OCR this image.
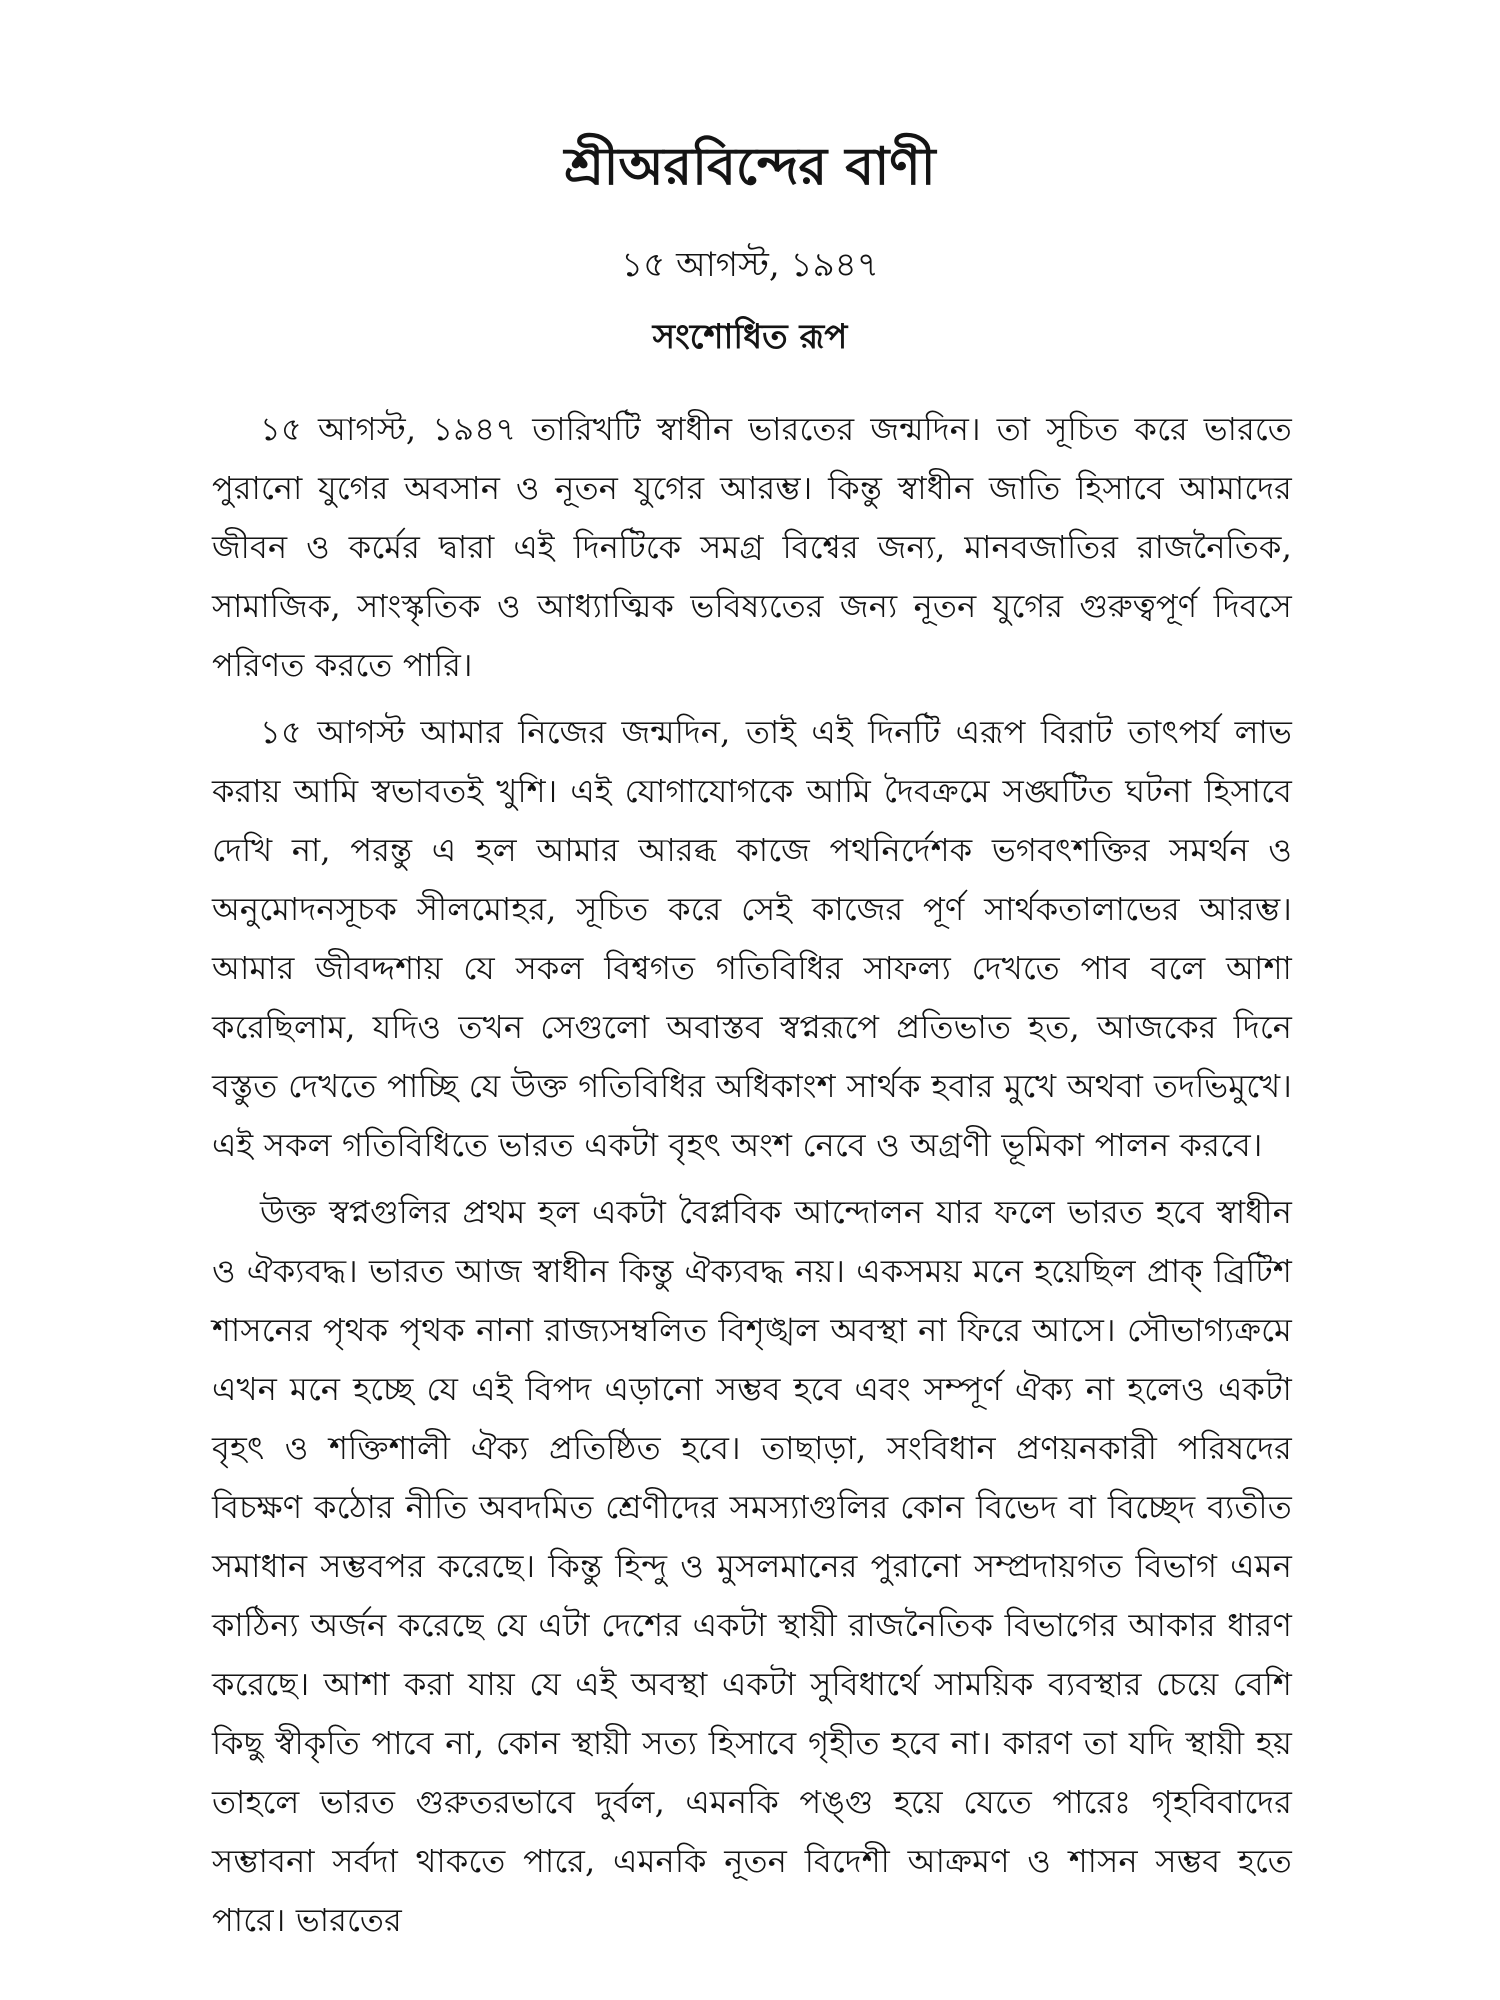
শ্রীঅরবিন্দের বাণী
১৫ আগস্ট, ১৯৪৭
সংশোধিত রূপ

১৫ আগস্ট, ১৯৪৭ তারিখটি স্বাধীন ভারতের জন্মদিন। তা সূচিত করে ভারতে পুরানো যুগের অবসান ও নূতন যুগের আরম্ভ। কিন্তু স্বাধীন জাতি হিসাবে আমাদের জীবন ও কর্মের দ্বারা এই দিনটিকে সমগ্র বিশ্বের জন্য, মানবজাতির রাজনৈতিক, সামাজিক, সাংস্কৃতিক ও আধ্যাত্মিক ভবিষ্যতের জন্য নূতন যুগের গুরুত্বপূর্ণ দিবসে পরিণত করতে পারি।

১৫ আগস্ট আমার নিজের জন্মদিন, তাই এই দিনটি এরূপ বিরাট তাৎপর্য লাভ করায় আমি স্বভাবতই খুশি। এই যোগাযোগকে আমি দৈবক্রমে সঙ্ঘটিত ঘটনা হিসাবে দেখি না, পরন্তু এ হল আমার আরব্ধ কাজে পথনির্দেশক ভগবৎশক্তির সমর্থন ও অনুমোদনসূচক সীলমোহর, সূচিত করে সেই কাজের পূর্ণ সার্থকতালাভের আরম্ভ। আমার জীবদ্দশায় যে সকল বিশ্বগত গতিবিধির সাফল্য দেখতে পাব বলে আশা করেছিলাম, যদিও তখন সেগুলো অবাস্তব স্বপ্নরূপে প্রতিভাত হত, আজকের দিনে বস্তুত দেখতে পাচ্ছি যে উক্ত গতিবিধির অধিকাংশ সার্থক হবার মুখে অথবা তদভিমুখে। এই সকল গতিবিধিতে ভারত একটা বৃহৎ অংশ নেবে ও অগ্রণী ভূমিকা পালন করবে।

উক্ত স্বপ্নগুলির প্রথম হল একটা বৈপ্লবিক আন্দোলন যার ফলে ভারত হবে স্বাধীন ও ঐক্যবদ্ধ। ভারত আজ স্বাধীন কিন্তু ঐক্যবদ্ধ নয়। একসময় মনে হয়েছিল প্রাক্ ব্রিটিশ শাসনের পৃথক পৃথক নানা রাজ্যসম্বলিত বিশৃঙ্খল অবস্থা না ফিরে আসে। সৌভাগ্যক্রমে এখন মনে হচ্ছে যে এই বিপদ এড়ানো সম্ভব হবে এবং সম্পূর্ণ ঐক্য না হলেও একটা বৃহৎ ও শক্তিশালী ঐক্য প্রতিষ্ঠিত হবে। তাছাড়া, সংবিধান প্রণয়নকারী পরিষদের বিচক্ষণ কঠোর নীতি অবদমিত শ্রেণীদের সমস্যাগুলির কোন বিভেদ বা বিচ্ছেদ ব্যতীত সমাধান সম্ভবপর করেছে। কিন্তু হিন্দু ও মুসলমানের পুরানো সম্প্রদায়গত বিভাগ এমন কাঠিন্য অর্জন করেছে যে এটা দেশের একটা স্থায়ী রাজনৈতিক বিভাগের আকার ধারণ করেছে। আশা করা যায় যে এই অবস্থা একটা সুবিধার্থে সাময়িক ব্যবস্থার চেয়ে বেশি কিছু স্বীকৃতি পাবে না, কোন স্থায়ী সত্য হিসাবে গৃহীত হবে না। কারণ তা যদি স্থায়ী হয় তাহলে ভারত গুরুতরভাবে দুর্বল, এমনকি পঙ্গু হয়ে যেতে পারেঃ গৃহবিবাদের সম্ভাবনা সর্বদা থাকতে পারে, এমনকি নূতন বিদেশী আক্রমণ ও শাসন সম্ভব হতে পারে। ভারতের
